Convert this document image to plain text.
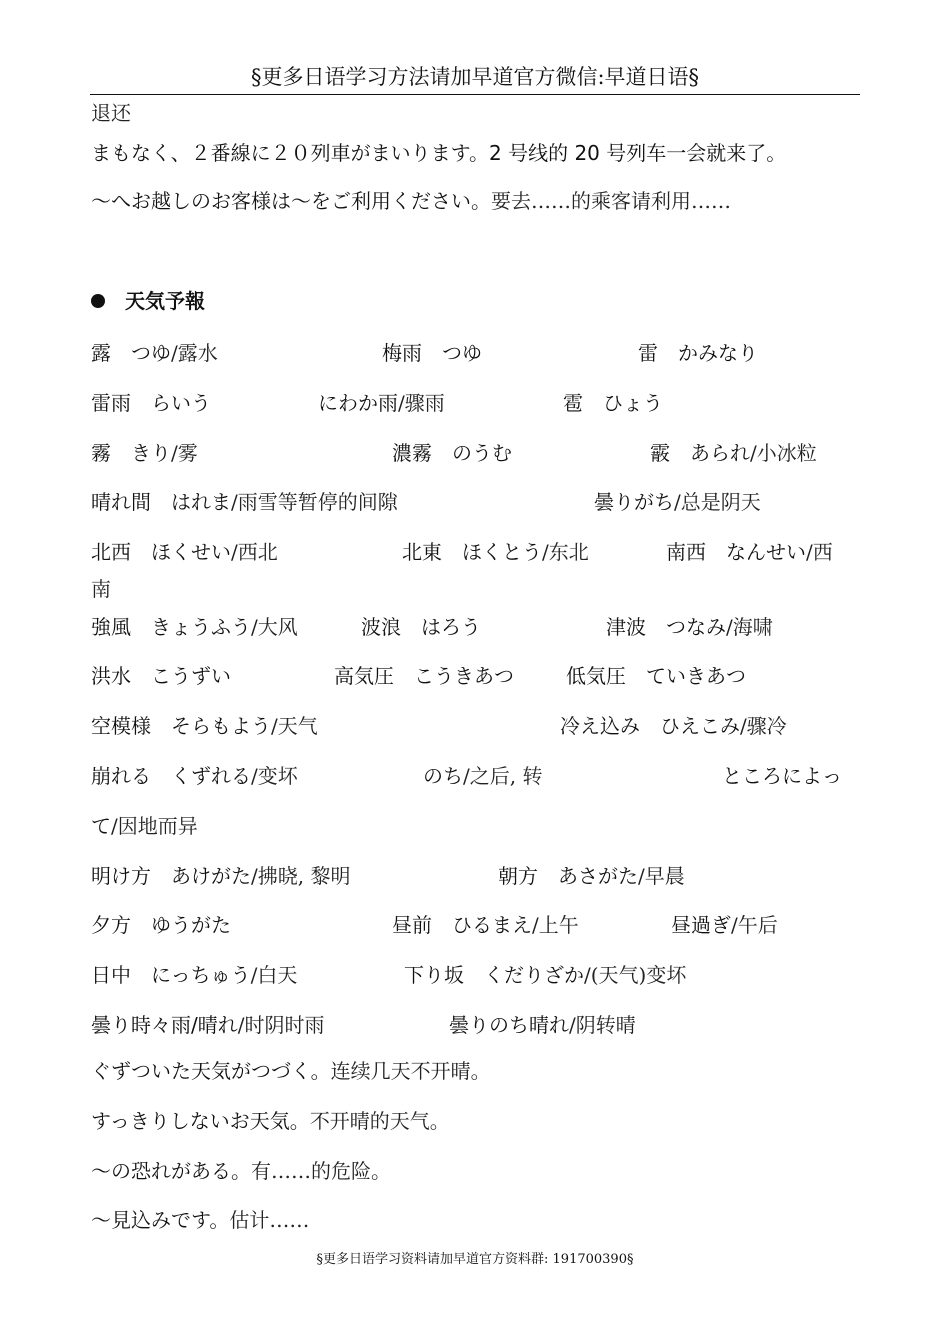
§更多日语学习方法请加早道官方微信:早道日语§
退还
まもなく、２番線に２０列車がまいります。2 号线的 20 号列车一会就来了。
～へお越しのお客様は～をご利用ください。要去……的乘客请利用……
天気予報
露　つゆ/露水	梅雨　つゆ	雷　かみなり
雷雨　らいう	にわか雨/骤雨	雹　ひょう
霧　きり/雾	濃霧　のうむ	霰　あられ/小冰粒
晴れ間　はれま/雨雪等暂停的间隙	曇りがち/总是阴天
北西　ほくせい/西北	北東　ほくとう/东北	南西　なんせい/西
南
強風　きょうふう/大风	波浪　はろう	津波　つなみ/海啸
洪水　こうずい	高気圧　こうきあつ	低気圧　ていきあつ
空模様　そらもよう/天气	冷え込み　ひえこみ/骤冷
崩れる　くずれる/变坏	のち/之后, 转	ところによっ
て/因地而异
明け方　あけがた/拂晓, 黎明	朝方　あさがた/早晨
夕方　ゆうがた	昼前　ひるまえ/上午	昼過ぎ/午后
日中　にっちゅう/白天	下り坂　くだりざか/(天气)变坏
曇り時々雨/晴れ/时阴时雨	曇りのち晴れ/阴转晴
ぐずついた天気がつづく。连续几天不开晴。
すっきりしないお天気。不开晴的天气。
～の恐れがある。有……的危险。
～見込みです。估计……
§更多日语学习资料请加早道官方资料群: 191700390§
